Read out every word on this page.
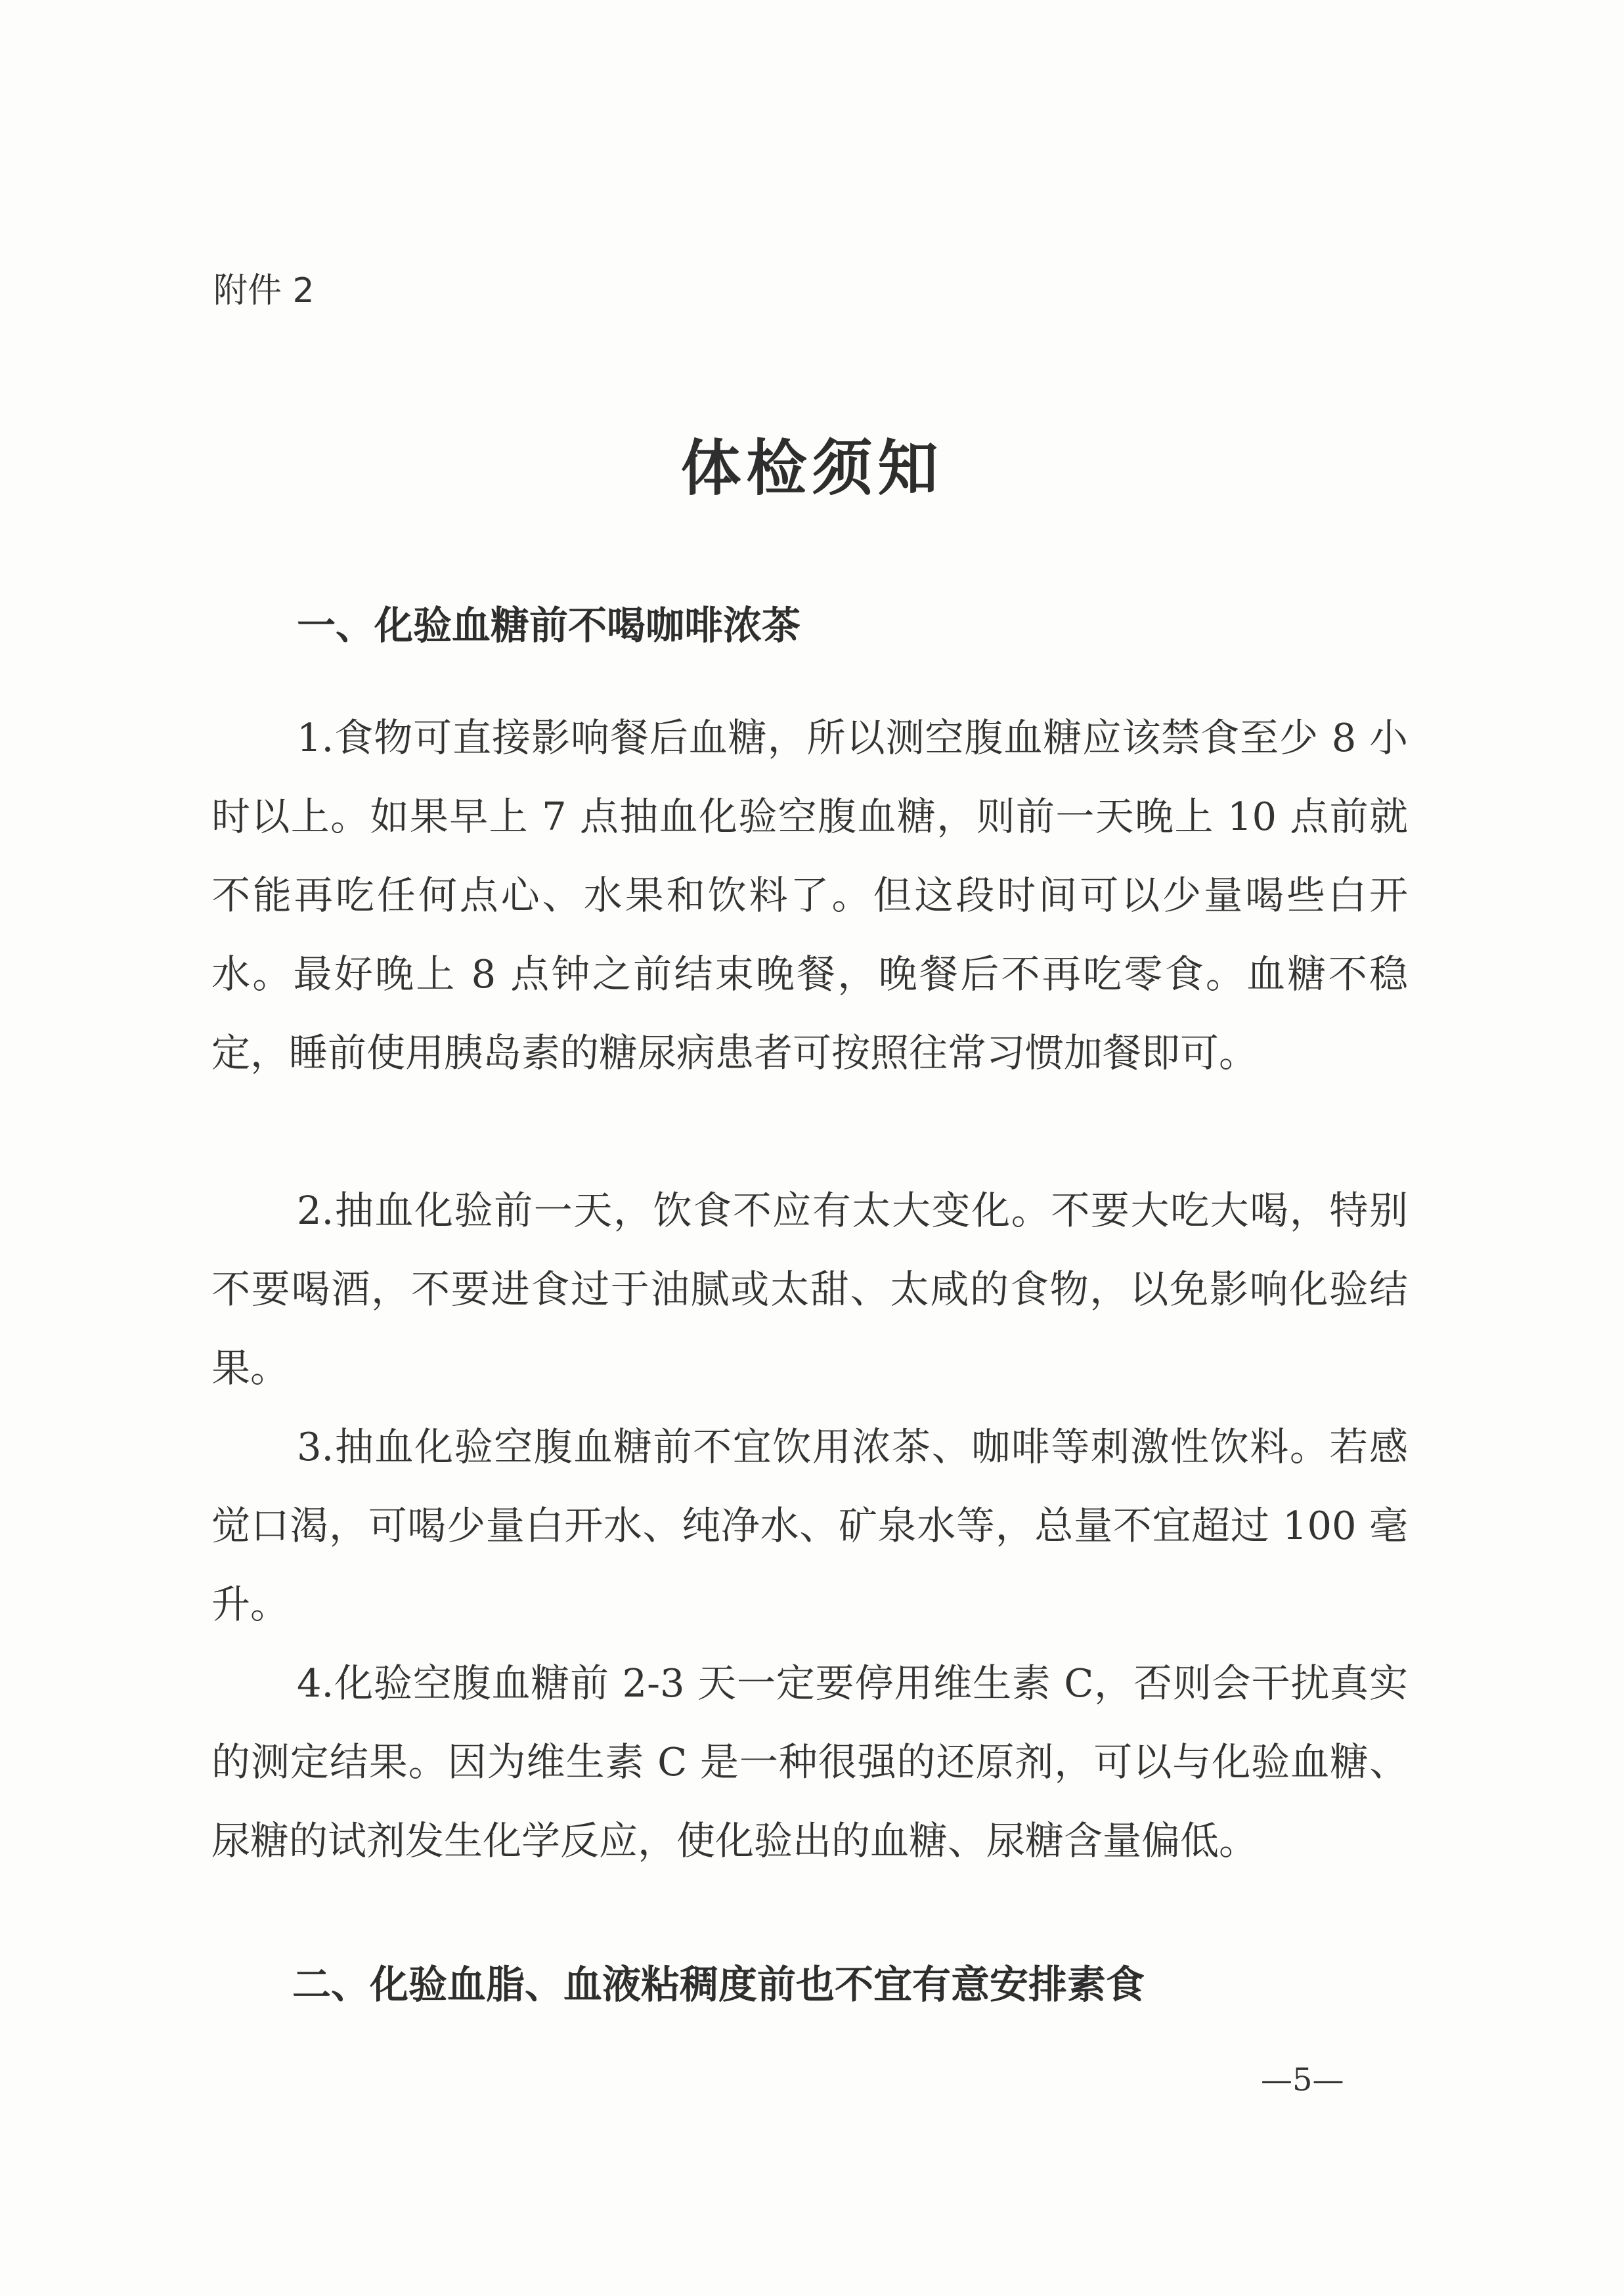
附件 2
体检须知
一、化验血糖前不喝咖啡浓茶

1.食物可直接影响餐后血糖，所以测空腹血糖应该禁食至少 8 小时以上。如果早上 7 点抽血化验空腹血糖，则前一天晚上 10 点前就不能再吃任何点心、水果和饮料了。但这段时间可以少量喝些白开水。最好晚上 8 点钟之前结束晚餐，晚餐后不再吃零食。血糖不稳定，睡前使用胰岛素的糖尿病患者可按照往常习惯加餐即可。

2.抽血化验前一天，饮食不应有太大变化。不要大吃大喝，特别不要喝酒，不要进食过于油腻或太甜、太咸的食物，以免影响化验结果。

3.抽血化验空腹血糖前不宜饮用浓茶、咖啡等刺激性饮料。若感觉口渴，可喝少量白开水、纯净水、矿泉水等，总量不宜超过 100 毫升。

4.化验空腹血糖前 2-3 天一定要停用维生素 C，否则会干扰真实的测定结果。因为维生素 C 是一种很强的还原剂，可以与化验血糖、尿糖的试剂发生化学反应，使化验出的血糖、尿糖含量偏低。

二、化验血脂、血液粘稠度前也不宜有意安排素食
—5—
